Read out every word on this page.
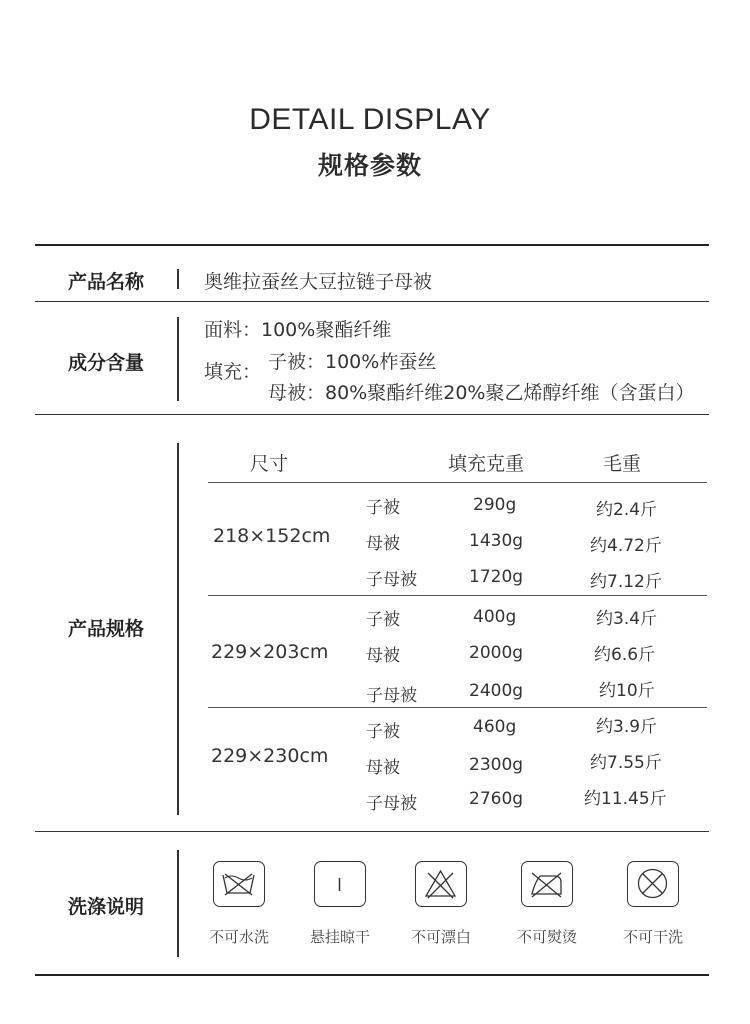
DETAIL DISPLAY
规格参数
产品名称	奥维拉蚕丝大豆拉链子母被
成分含量
面料：100%聚酯纤维
填充： 子被：100%柞蚕丝
母被：80%聚酯纤维20%聚乙烯醇纤维（含蛋白）
产品规格
尺寸	填充克重	毛重
218×152cm
子被	290g	约2.4斤
母被	1430g	约4.72斤
子母被	1720g	约7.12斤
229×203cm
子被	400g	约3.4斤
母被	2000g	约6.6斤
子母被	2400g	约10斤
229×230cm
子被	460g	约3.9斤
母被	2300g	约7.55斤
子母被	2760g	约11.45斤
洗涤说明
不可水洗	悬挂晾干	不可漂白	不可熨烫	不可干洗
